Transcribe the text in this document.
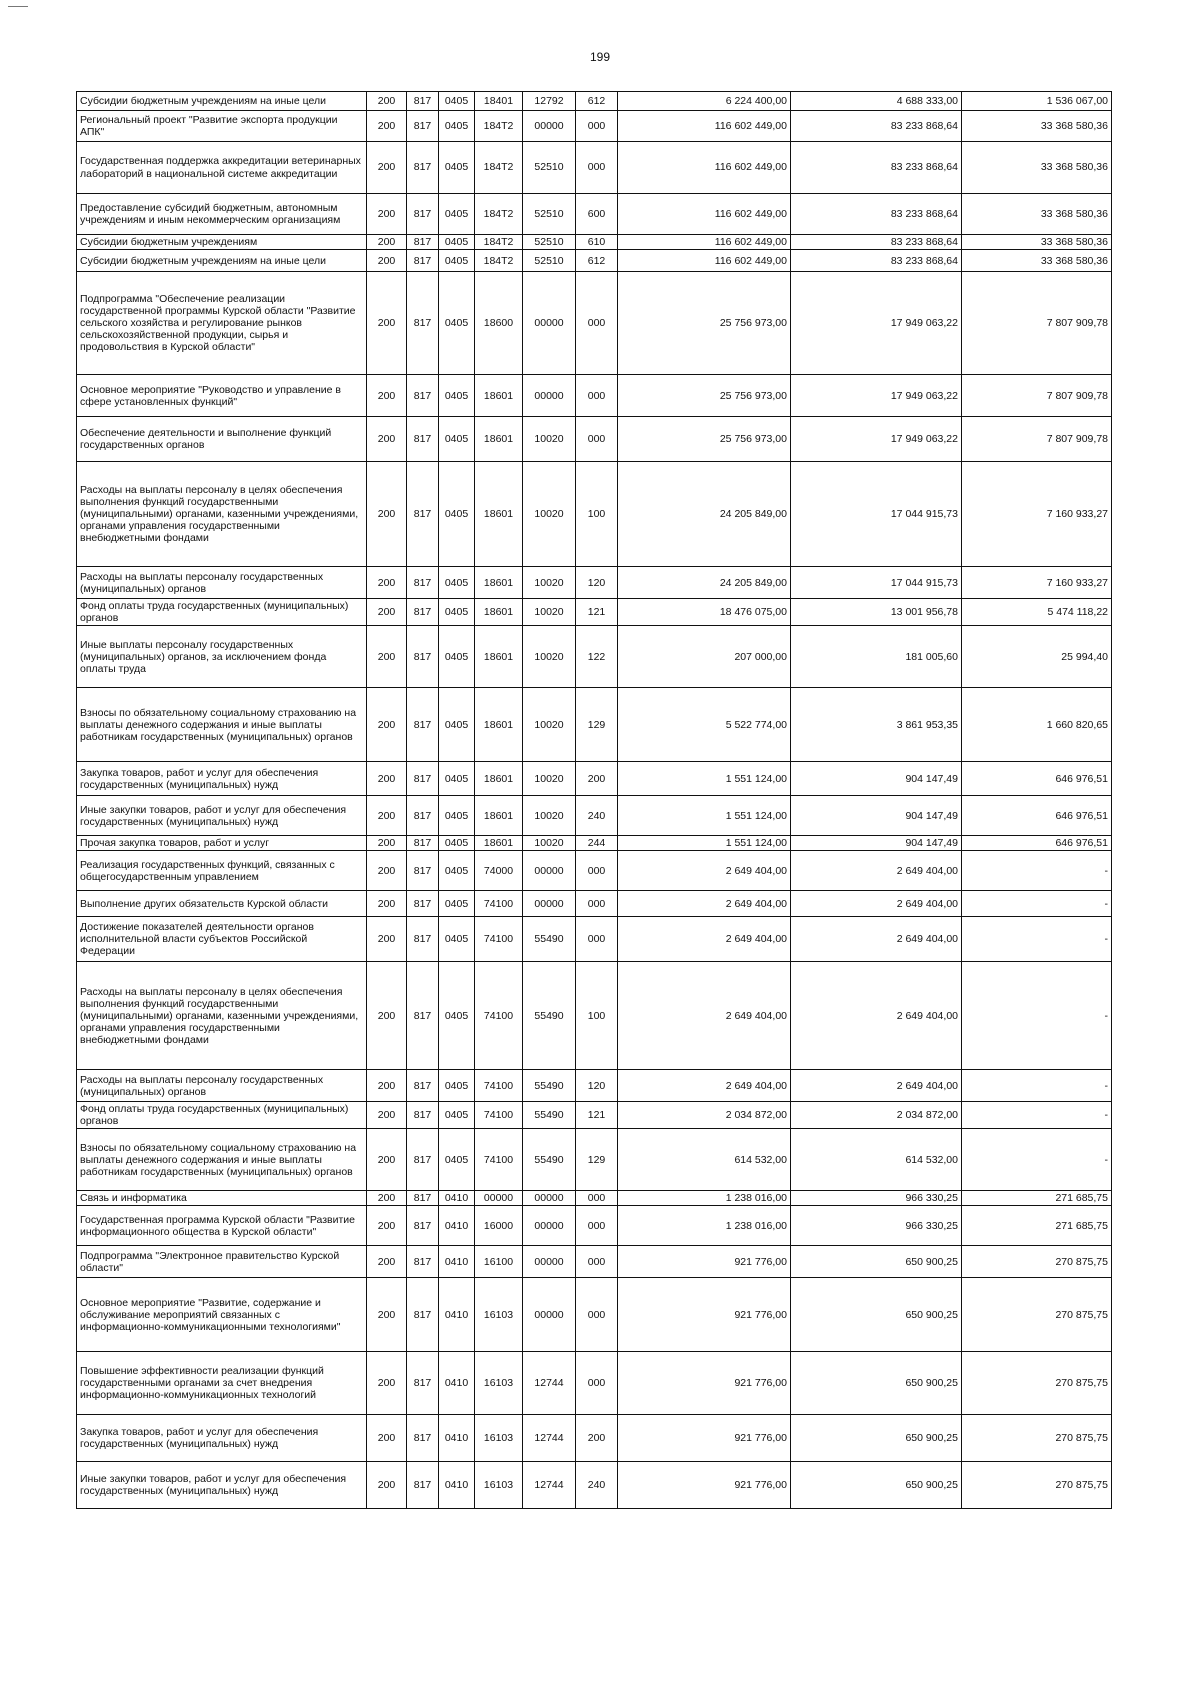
199
Субсидии бюджетным учреждениям на иные цели	200	817	0405	18401	12792	612	6 224 400,00	4 688 333,00	1 536 067,00
Региональный проект "Развитие экспорта продукции АПК"	200	817	0405	184T2	00000	000	116 602 449,00	83 233 868,64	33 368 580,36
Государственная поддержка аккредитации ветеринарных лабораторий в национальной системе аккредитации	200	817	0405	184T2	52510	000	116 602 449,00	83 233 868,64	33 368 580,36
Предоставление субсидий бюджетным, автономным учреждениям и иным некоммерческим организациям	200	817	0405	184T2	52510	600	116 602 449,00	83 233 868,64	33 368 580,36
Субсидии бюджетным учреждениям	200	817	0405	184T2	52510	610	116 602 449,00	83 233 868,64	33 368 580,36
Субсидии бюджетным учреждениям на иные цели	200	817	0405	184T2	52510	612	116 602 449,00	83 233 868,64	33 368 580,36
Подпрограмма "Обеспечение реализации государственной программы Курской области "Развитие сельского хозяйства и регулирование рынков сельскохозяйственной продукции, сырья и продовольствия в Курской области"	200	817	0405	18600	00000	000	25 756 973,00	17 949 063,22	7 807 909,78
Основное мероприятие "Руководство и управление в сфере установленных функций"	200	817	0405	18601	00000	000	25 756 973,00	17 949 063,22	7 807 909,78
Обеспечение деятельности и выполнение функций государственных органов	200	817	0405	18601	10020	000	25 756 973,00	17 949 063,22	7 807 909,78
Расходы на выплаты персоналу в целях обеспечения выполнения функций государственными (муниципальными) органами, казенными учреждениями, органами управления государственными внебюджетными фондами	200	817	0405	18601	10020	100	24 205 849,00	17 044 915,73	7 160 933,27
Расходы на выплаты персоналу государственных (муниципальных) органов	200	817	0405	18601	10020	120	24 205 849,00	17 044 915,73	7 160 933,27
Фонд оплаты труда государственных (муниципальных) органов	200	817	0405	18601	10020	121	18 476 075,00	13 001 956,78	5 474 118,22
Иные выплаты персоналу государственных (муниципальных) органов, за исключением фонда оплаты труда	200	817	0405	18601	10020	122	207 000,00	181 005,60	25 994,40
Взносы по обязательному социальному страхованию на выплаты денежного содержания и иные выплаты работникам государственных (муниципальных) органов	200	817	0405	18601	10020	129	5 522 774,00	3 861 953,35	1 660 820,65
Закупка товаров, работ и услуг для обеспечения государственных (муниципальных) нужд	200	817	0405	18601	10020	200	1 551 124,00	904 147,49	646 976,51
Иные закупки товаров, работ и услуг для обеспечения государственных (муниципальных) нужд	200	817	0405	18601	10020	240	1 551 124,00	904 147,49	646 976,51
Прочая закупка товаров, работ и услуг	200	817	0405	18601	10020	244	1 551 124,00	904 147,49	646 976,51
Реализация государственных функций, связанных с общегосударственным управлением	200	817	0405	74000	00000	000	2 649 404,00	2 649 404,00	-
Выполнение других обязательств Курской области	200	817	0405	74100	00000	000	2 649 404,00	2 649 404,00	-
Достижение показателей деятельности органов исполнительной власти субъектов Российской Федерации	200	817	0405	74100	55490	000	2 649 404,00	2 649 404,00	-
Расходы на выплаты персоналу в целях обеспечения выполнения функций государственными (муниципальными) органами, казенными учреждениями, органами управления государственными внебюджетными фондами	200	817	0405	74100	55490	100	2 649 404,00	2 649 404,00	-
Расходы на выплаты персоналу государственных (муниципальных) органов	200	817	0405	74100	55490	120	2 649 404,00	2 649 404,00	-
Фонд оплаты труда государственных (муниципальных) органов	200	817	0405	74100	55490	121	2 034 872,00	2 034 872,00	-
Взносы по обязательному социальному страхованию на выплаты денежного содержания и иные выплаты работникам государственных (муниципальных) органов	200	817	0405	74100	55490	129	614 532,00	614 532,00	-
Связь и информатика	200	817	0410	00000	00000	000	1 238 016,00	966 330,25	271 685,75
Государственная программа Курской области "Развитие информационного общества в Курской области"	200	817	0410	16000	00000	000	1 238 016,00	966 330,25	271 685,75
Подпрограмма "Электронное правительство Курской области"	200	817	0410	16100	00000	000	921 776,00	650 900,25	270 875,75
Основное мероприятие "Развитие, содержание и обслуживание мероприятий связанных с информационно-коммуникационными технологиями"	200	817	0410	16103	00000	000	921 776,00	650 900,25	270 875,75
Повышение эффективности реализации функций государственными органами за счет внедрения информационно-коммуникационных технологий	200	817	0410	16103	12744	000	921 776,00	650 900,25	270 875,75
Закупка товаров, работ и услуг для обеспечения государственных (муниципальных) нужд	200	817	0410	16103	12744	200	921 776,00	650 900,25	270 875,75
Иные закупки товаров, работ и услуг для обеспечения государственных (муниципальных) нужд	200	817	0410	16103	12744	240	921 776,00	650 900,25	270 875,75
